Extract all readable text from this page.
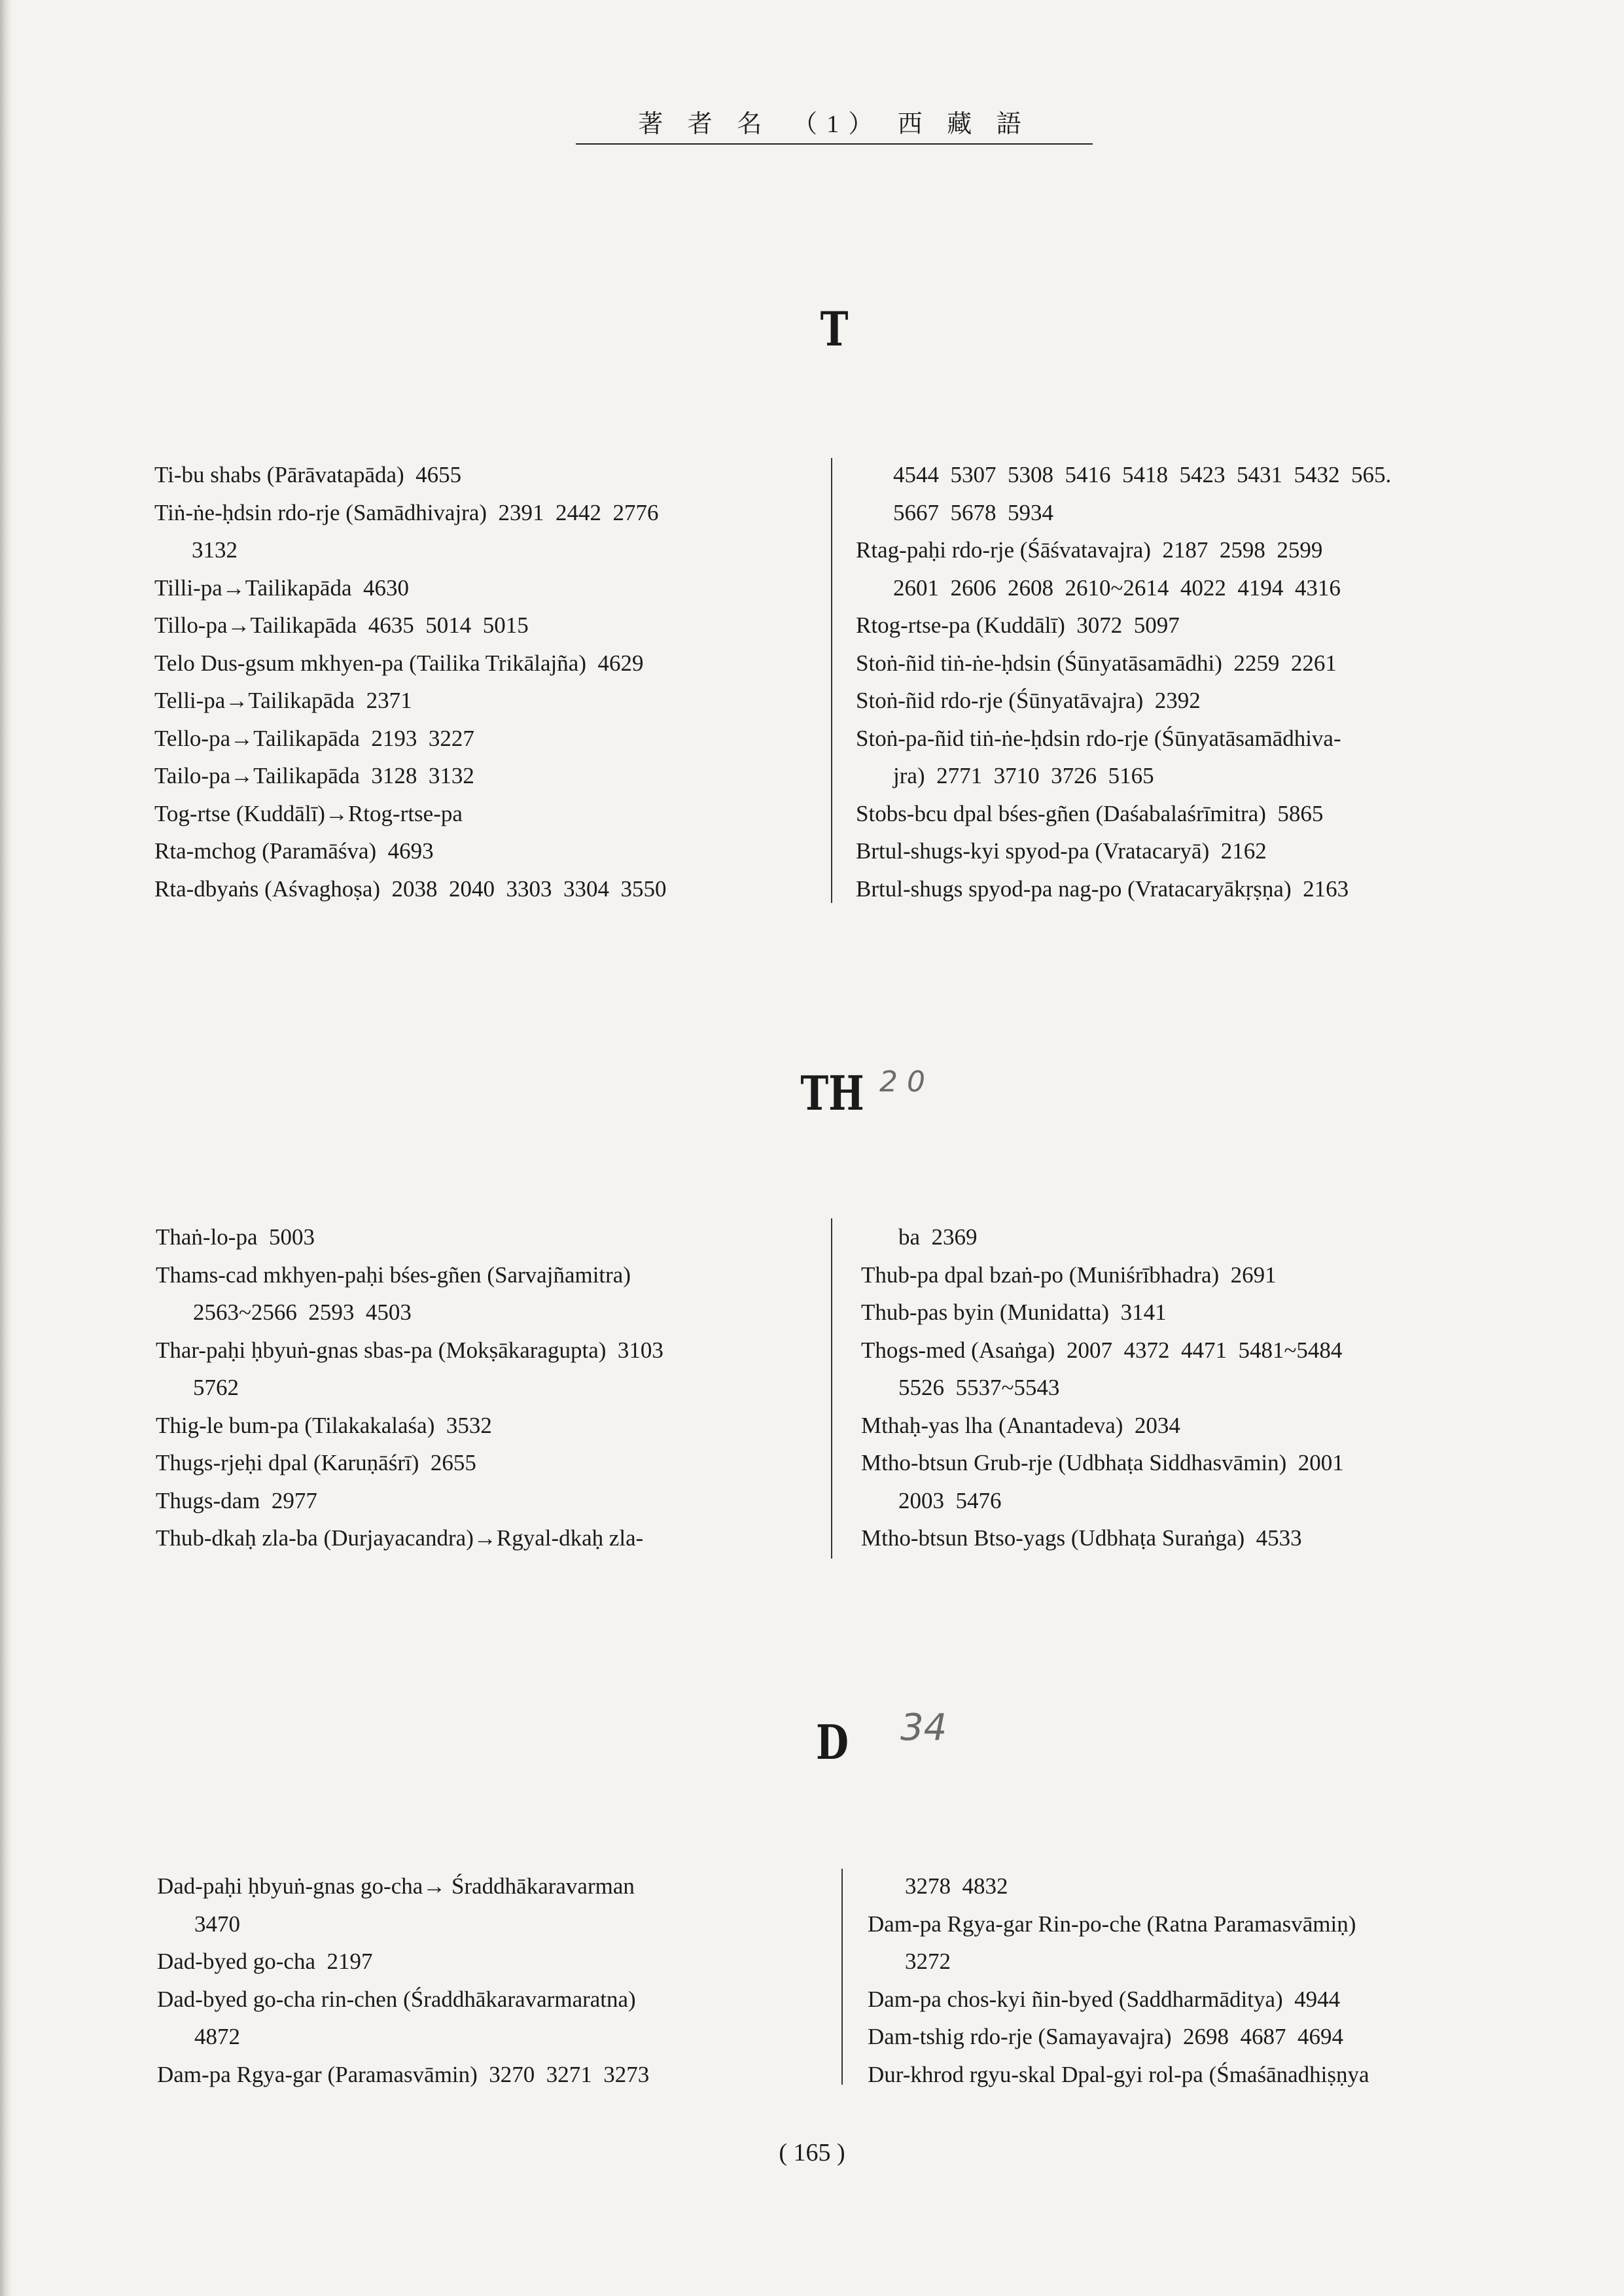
著 者 名　（1） 西 藏 語
T
Ti-bu shabs (Pārāvatapāda)  4655
Tiṅ-ṅe-ḥdsin rdo-rje (Samādhivajra)  2391  2442  2776
3132
Tilli-pa→Tailikapāda  4630
Tillo-pa→Tailikapāda  4635  5014  5015
Telo Dus-gsum mkhyen-pa (Tailika Trikālajña)  4629
Telli-pa→Tailikapāda  2371
Tello-pa→Tailikapāda  2193  3227
Tailo-pa→Tailikapāda  3128  3132
Tog-rtse (Kuddālī)→Rtog-rtse-pa
Rta-mchog (Paramāśva)  4693
Rta-dbyaṅs (Aśvaghoṣa)  2038  2040  3303  3304  3550
4544  5307  5308  5416  5418  5423  5431  5432  565.
5667  5678  5934
Rtag-paḥi rdo-rje (Śāśvatavajra)  2187  2598  2599
2601  2606  2608  2610~2614  4022  4194  4316
Rtog-rtse-pa (Kuddālī)  3072  5097
Stoṅ-ñid tiṅ-ṅe-ḥdsin (Śūnyatāsamādhi)  2259  2261
Stoṅ-ñid rdo-rje (Śūnyatāvajra)  2392
Stoṅ-pa-ñid tiṅ-ṅe-ḥdsin rdo-rje (Śūnyatāsamādhiva-
jra)  2771  3710  3726  5165
Stobs-bcu dpal bśes-gñen (Daśabalaśrīmitra)  5865
Brtul-shugs-kyi spyod-pa (Vratacaryā)  2162
Brtul-shugs spyod-pa nag-po (Vratacaryākṛṣṇa)  2163
TH 2 0
Thaṅ-lo-pa  5003
Thams-cad mkhyen-paḥi bśes-gñen (Sarvajñamitra)
2563~2566  2593  4503
Thar-paḥi ḥbyuṅ-gnas sbas-pa (Mokṣākaragupta)  3103
5762
Thig-le bum-pa (Tilakakalaśa)  3532
Thugs-rjeḥi dpal (Karuṇāśrī)  2655
Thugs-dam  2977
Thub-dkaḥ zla-ba (Durjayacandra)→Rgyal-dkaḥ zla-
ba  2369
Thub-pa dpal bzaṅ-po (Muniśrībhadra)  2691
Thub-pas byin (Munidatta)  3141
Thogs-med (Asaṅga)  2007  4372  4471  5481~5484
5526  5537~5543
Mthaḥ-yas lha (Anantadeva)  2034
Mtho-btsun Grub-rje (Udbhaṭa Siddhasvāmin)  2001
2003  5476
Mtho-btsun Btso-yags (Udbhaṭa Suraṅga)  4533
D	34
Dad-paḥi ḥbyuṅ-gnas go-cha→ Śraddhākaravarman
3470
Dad-byed go-cha  2197
Dad-byed go-cha rin-chen (Śraddhākaravarmaratna)
4872
Dam-pa Rgya-gar (Paramasvāmin)  3270  3271  3273
3278  4832
Dam-pa Rgya-gar Rin-po-che (Ratna Paramasvāmiṇ)
3272
Dam-pa chos-kyi ñin-byed (Saddharmāditya)  4944
Dam-tshig rdo-rje (Samayavajra)  2698  4687  4694
Dur-khrod rgyu-skal Dpal-gyi rol-pa (Śmaśānadhiṣṇya
( 165 )
